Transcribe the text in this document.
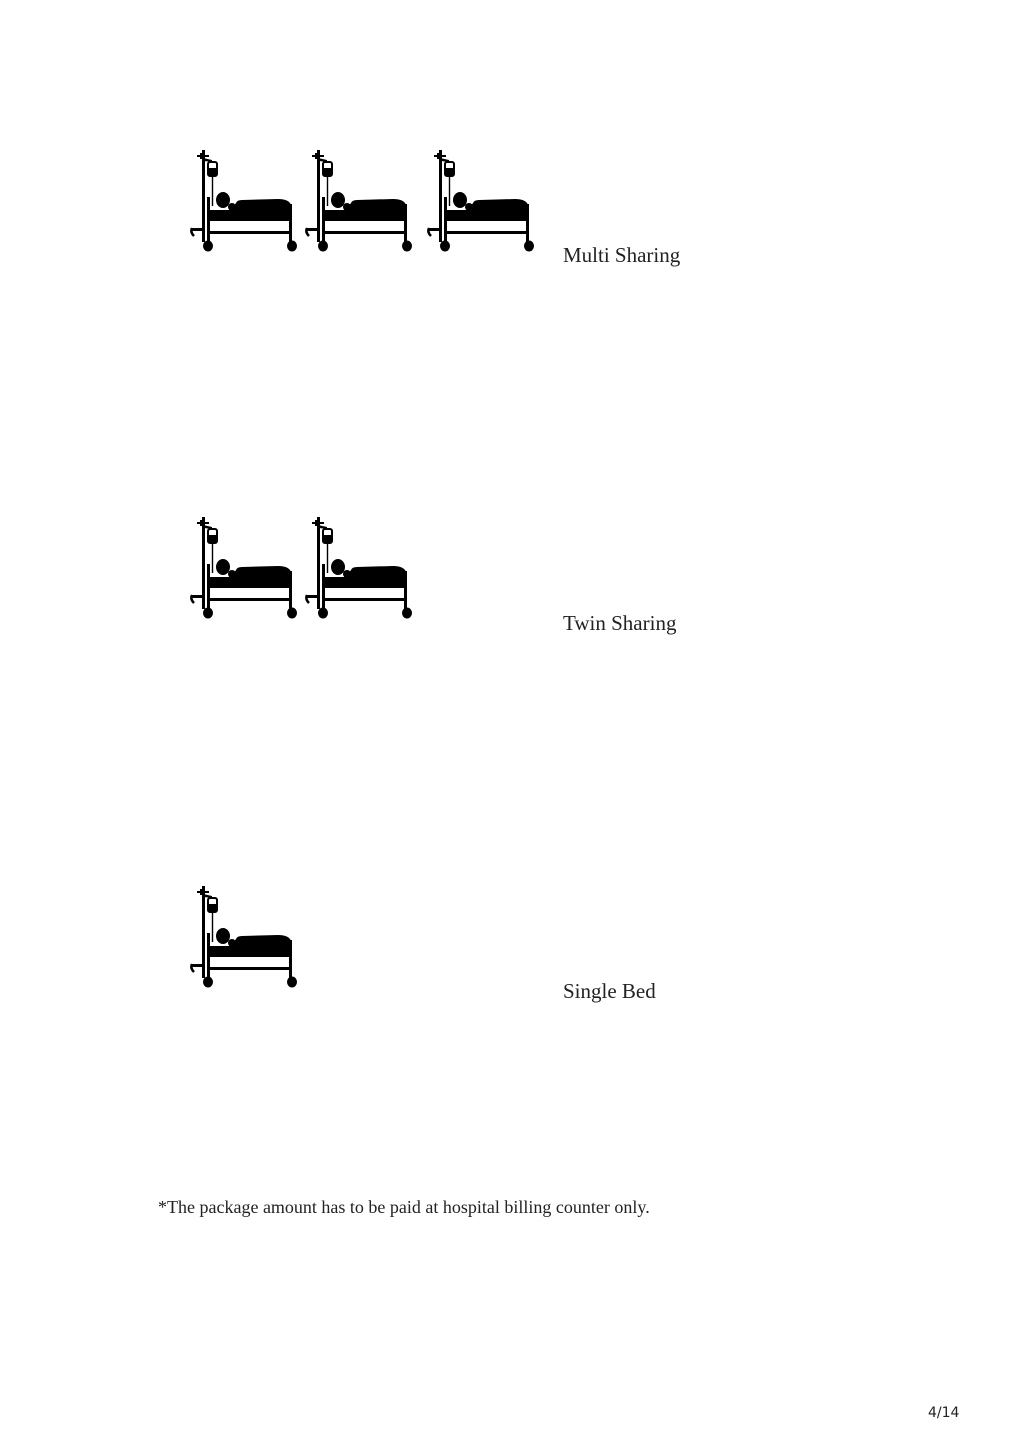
Multi Sharing
Twin Sharing
Single Bed
*The package amount has to be paid at hospital billing counter only.
4/14
